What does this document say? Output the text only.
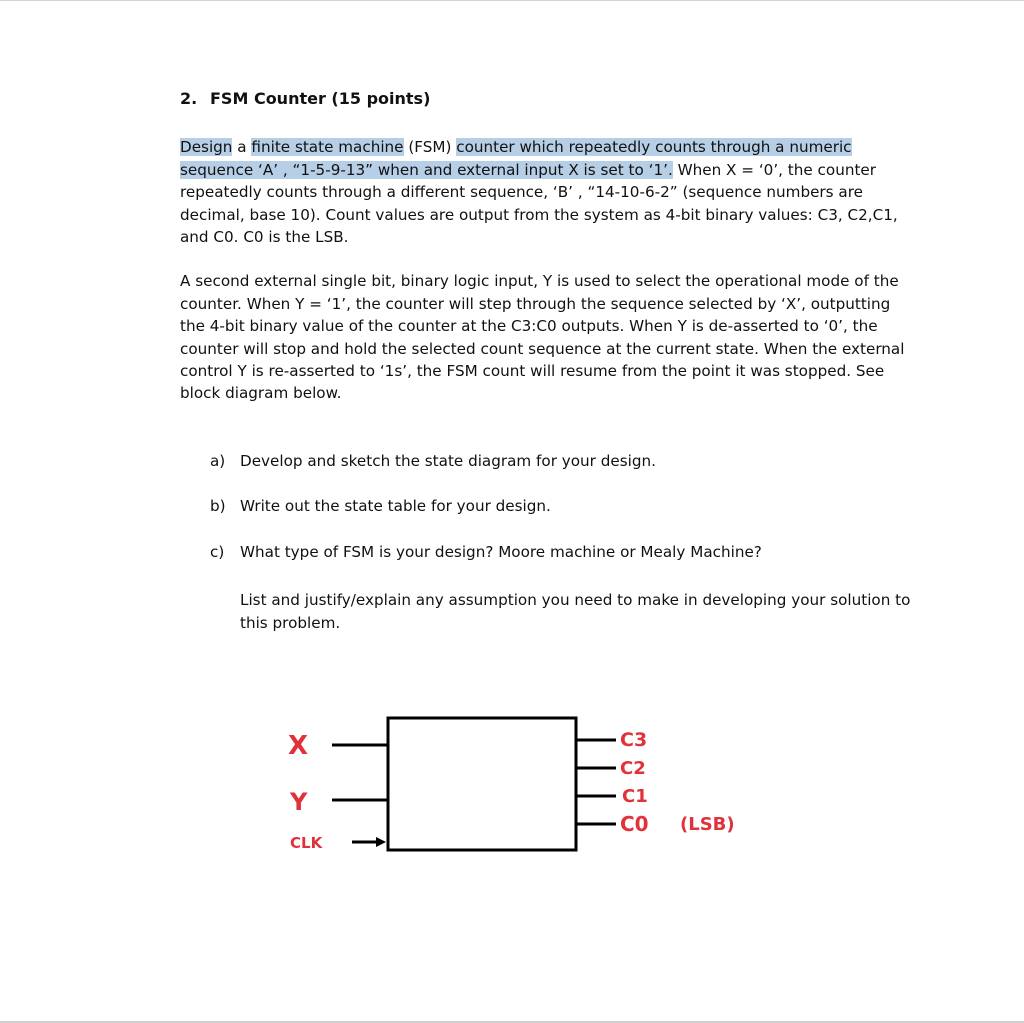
2. FSM Counter (15 points)

Design a finite state machine (FSM) counter which repeatedly counts through a numeric sequence ‘A’ , “1-5-9-13” when and external input X is set to ‘1’. When X = ‘0’, the counter repeatedly counts through a different sequence, ‘B’ , “14-10-6-2” (sequence numbers are decimal, base 10). Count values are output from the system as 4-bit binary values: C3, C2,C1, and C0. C0 is the LSB.

A second external single bit, binary logic input, Y is used to select the operational mode of the counter. When Y = ‘1’, the counter will step through the sequence selected by ‘X’, outputting the 4-bit binary value of the counter at the C3:C0 outputs. When Y is de-asserted to ‘0’, the counter will stop and hold the selected count sequence at the current state. When the external control Y is re-asserted to ‘1s’, the FSM count will resume from the point it was stopped. See block diagram below.

a) Develop and sketch the state diagram for your design.
b) Write out the state table for your design.
c)	What type of FSM is your design? Moore machine or Mealy Machine?

List and justify/explain any assumption you need to make in developing your solution to this problem.

X
Y
CLK
C3
C2
C1
C0 (LSB)
